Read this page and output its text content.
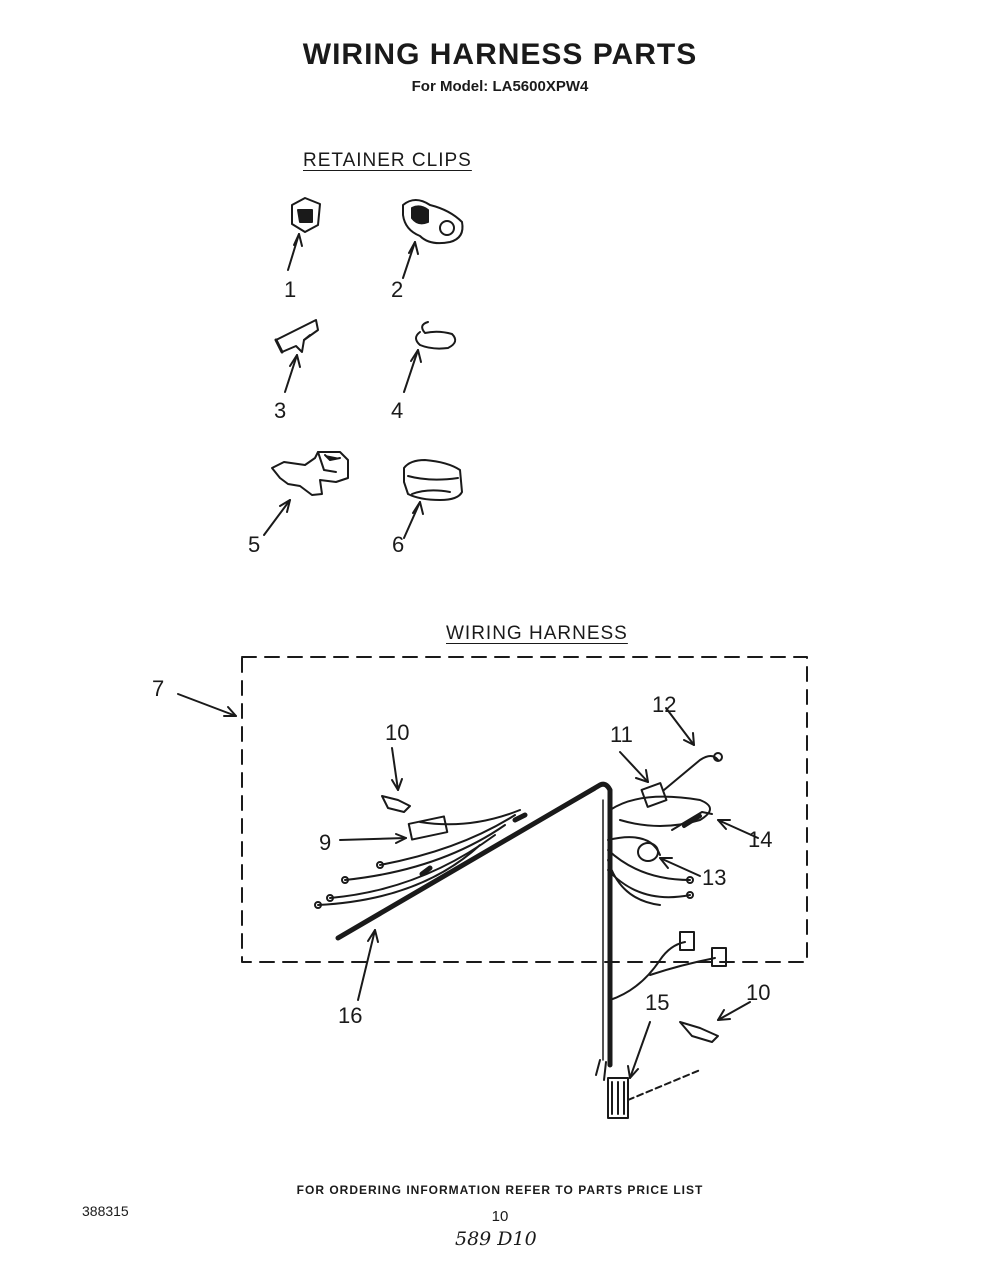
WIRING HARNESS PARTS
For Model: LA5600XPW4
RETAINER CLIPS
WIRING HARNESS
1	2
3	4
5	6
7
9
10
10
11
12
13
14
15
16
FOR ORDERING INFORMATION REFER TO PARTS PRICE LIST
388315	10
589 D10
